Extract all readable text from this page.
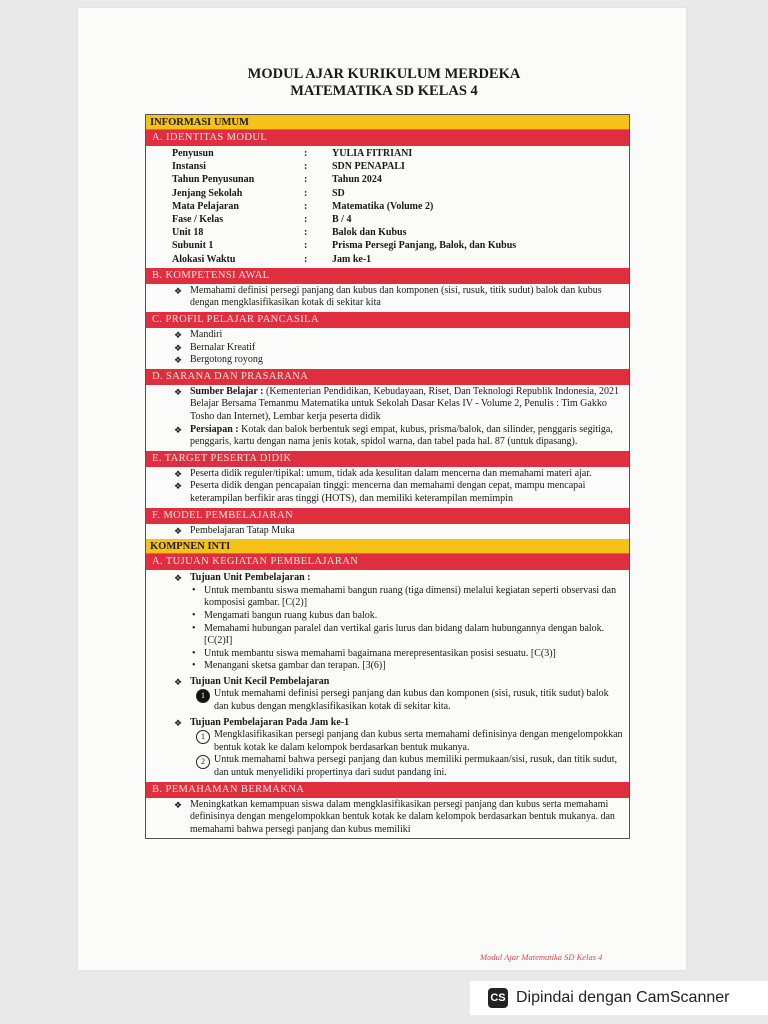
MODUL AJAR KURIKULUM MERDEKA
MATEMATIKA SD KELAS 4
INFORMASI UMUM
A. IDENTITAS MODUL
Penyusun	:	YULIA FITRIANI
Instansi	:	SDN PENAPALI
Tahun Penyusunan	:	Tahun 2024
Jenjang Sekolah	:	SD
Mata Pelajaran	:	Matematika (Volume 2)
Fase / Kelas	:	B / 4
Unit 18	:	Balok dan Kubus
Subunit 1	:	Prisma Persegi Panjang, Balok, dan Kubus
Alokasi Waktu	:	Jam ke-1
B. KOMPETENSI AWAL
❖ Memahami definisi persegi panjang dan kubus dan komponen (sisi, rusuk, titik sudut) balok dan kubus dengan mengklasifikasikan kotak di sekitar kita
C. PROFIL PELAJAR PANCASILA
❖ Mandiri
❖ Bernalar Kreatif
❖ Bergotong royong
D. SARANA DAN PRASARANA
❖ Sumber Belajar : (Kementerian Pendidikan, Kebudayaan, Riset, Dan Teknologi Republik Indonesia, 2021 Belajar Bersama Temanmu Matematika untuk Sekolah Dasar Kelas IV - Volume 2, Penulis : Tim Gakko Tosho dan Internet), Lembar kerja peserta didik
❖ Persiapan : Kotak dan balok berbentuk segi empat, kubus, prisma/balok, dan silinder, penggaris segitiga, penggaris, kartu dengan nama jenis kotak, spidol warna, dan tabel pada hal. 87 (untuk dipasang).
E. TARGET PESERTA DIDIK
❖ Peserta didik reguler/tipikal: umum, tidak ada kesulitan dalam mencerna dan memahami materi ajar.
❖ Peserta didik dengan pencapaian tinggi: mencerna dan memahami dengan cepat, mampu mencapai keterampilan berfikir aras tinggi (HOTS), dan memiliki keterampilan memimpin
F. MODEL PEMBELAJARAN
❖ Pembelajaran Tatap Muka
KOMPNEN INTI
A. TUJUAN KEGIATAN PEMBELAJARAN
❖ Tujuan Unit Pembelajaran :
• Untuk membantu siswa memahami bangun ruang (tiga dimensi) melalui kegiatan seperti observasi dan komposisi gambar. [C(2)]
• Mengamati bangun ruang kubus dan balok.
• Memahami hubungan paralel dan vertikal garis lurus dan bidang dalam hubungannya dengan balok. [C(2)I]
• Untuk membantu siswa memahami bagaimana merepresentasikan posisi sesuatu. [C(3)]
• Menangani sketsa gambar dan terapan. [3(6)]
❖ Tujuan Unit Kecil Pembelajaran
1 Untuk memahami definisi persegi panjang dan kubus dan komponen (sisi, rusuk, titik sudut) balok dan kubus dengan mengklasifikasikan kotak di sekitar kita.
❖ Tujuan Pembelajaran Pada Jam ke-1
1 Mengklasifikasikan persegi panjang dan kubus serta memahami definisinya dengan mengelompokkan bentuk kotak ke dalam kelompok berdasarkan bentuk mukanya.
2 Untuk memahami bahwa persegi panjang dan kubus memiliki permukaan/sisi, rusuk, dan titik sudut, dan untuk menyelidiki propertinya dari sudut pandang ini.
B. PEMAHAMAN BERMAKNA
❖ Meningkatkan kemampuan siswa dalam mengklasifikasikan persegi panjang dan kubus serta memahami definisinya dengan mengelompokkan bentuk kotak ke dalam kelompok berdasarkan bentuk mukanya. dan memahami bahwa persegi panjang dan kubus memiliki
Modul Ajar Matematika SD Kelas 4
CS Dipindai dengan CamScanner
